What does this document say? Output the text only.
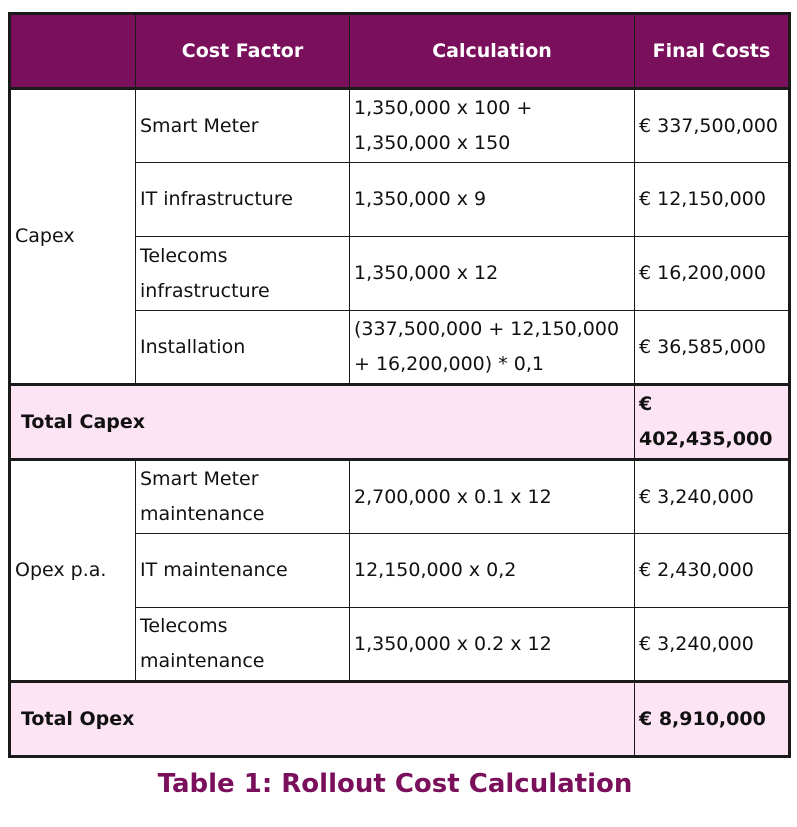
	Cost Factor	Calculation	Final Costs
Capex	Smart Meter	1,350,000 x 100 + 1,350,000 x 150	€ 337,500,000
	IT infrastructure	1,350,000 x 9	€ 12,150,000
	Telecoms infrastructure	1,350,000 x 12	€ 16,200,000
	Installation	(337,500,000 + 12,150,000 + 16,200,000) * 0,1	€ 36,585,000
Total Capex			€ 402,435,000
Opex p.a.	Smart Meter maintenance	2,700,000 x 0.1 x 12	€ 3,240,000
	IT maintenance	12,150,000 x 0,2	€ 2,430,000
	Telecoms maintenance	1,350,000 x 0.2 x 12	€ 3,240,000
Total Opex			€ 8,910,000
Table 1: Rollout Cost Calculation
